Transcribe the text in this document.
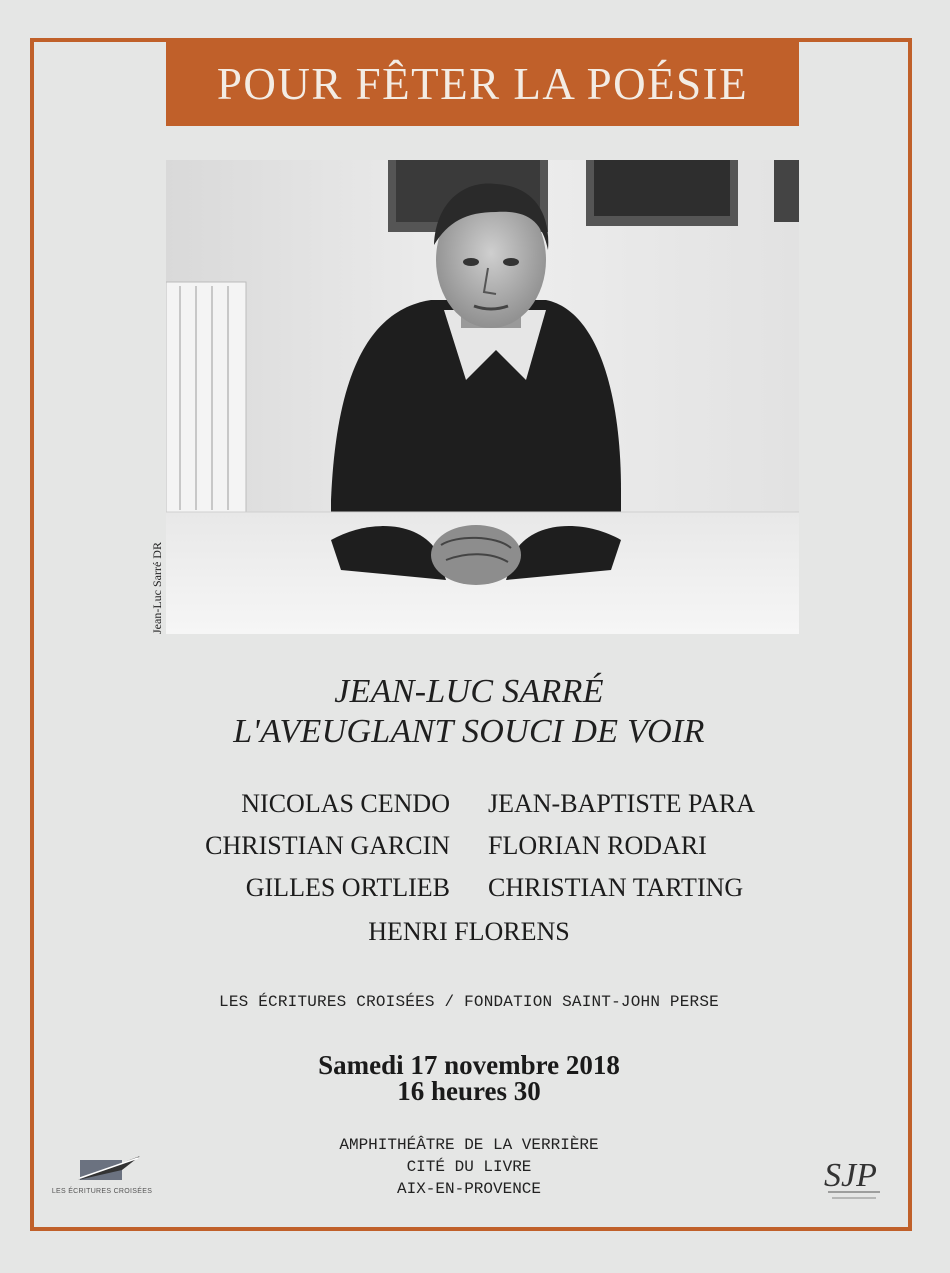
POUR FÊTER LA POÉSIE
Jean-Luc Sarré DR
JEAN-LUC SARRÉ
L'AVEUGLANT SOUCI DE VOIR
NICOLAS CENDO JEAN-BAPTISTE PARA
CHRISTIAN GARCIN FLORIAN RODARI
GILLES ORTLIEB CHRISTIAN TARTING
HENRI FLORENS
LES ÉCRITURES CROISÉES / FONDATION SAINT-JOHN PERSE
Samedi 17 novembre 2018
16 heures 30
AMPHITHÉÂTRE DE LA VERRIÈRE
CITÉ DU LIVRE
AIX-EN-PROVENCE
LES ÉCRITURES CROISÉES	SJP
